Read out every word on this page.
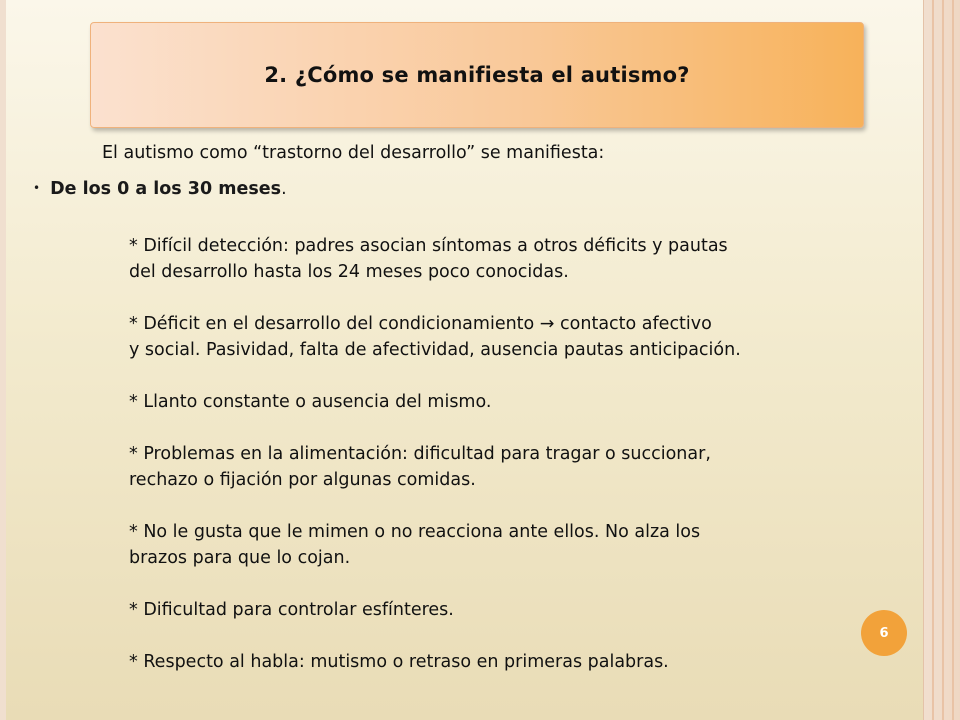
2. ¿Cómo se manifiesta el autismo?
El autismo como “trastorno del desarrollo” se manifiesta:
• De los 0 a los 30 meses .

* Difícil detección: padres asocian síntomas a otros déficits y pautas

del desarrollo hasta los 24 meses poco conocidas.

* Déficit en el desarrollo del condicionamiento → contacto afectivo

y social. Pasividad, falta de afectividad, ausencia pautas anticipación.

* Llanto constante o ausencia del mismo.

* Problemas en la alimentación: dificultad para tragar o succionar,

rechazo o fijación por algunas comidas.

* No le gusta que le mimen o no reacciona ante ellos. No alza los

brazos para que lo cojan.

* Dificultad para controlar esfínteres.

* Respecto al habla: mutismo o retraso en primeras palabras.

6
